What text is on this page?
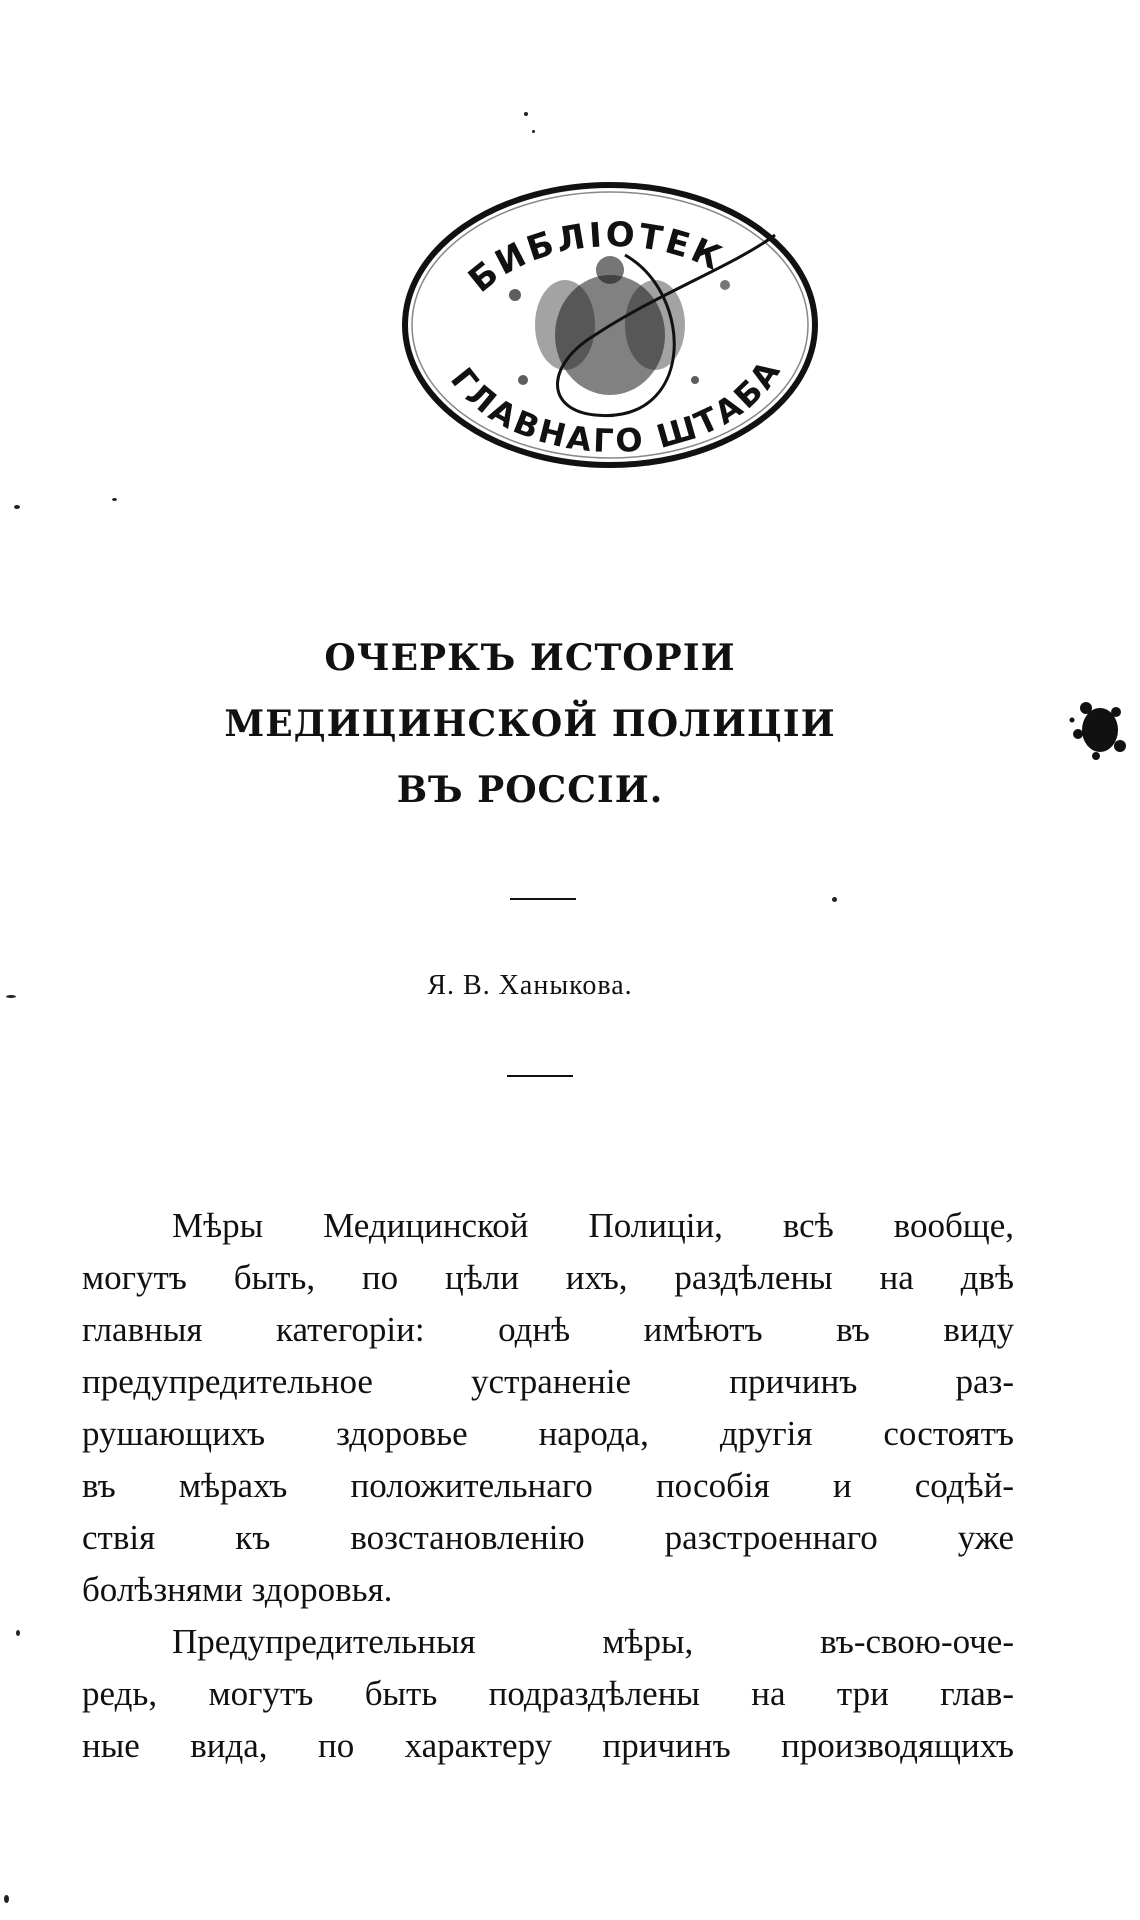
БИБЛIОТЕК
ГЛАВНАГО ШТАБА
ОЧЕРКЪ ИСТОРIИ
МЕДИЦИНСКОЙ ПОЛИЦIИ
ВЪ РОССIИ.
Я. В. Ханыкова.
Мѣры Медицинской Полицiи, всѣ вообще,
могутъ быть, по цѣли ихъ, раздѣлены на двѣ
главныя категорiи: однѣ имѣютъ въ виду
предупредительное устраненiе причинъ раз-
рушающихъ здоровье народа, другiя состоятъ
въ мѣрахъ положительнаго пособiя и содѣй-
ствiя къ возстановленiю разстроеннаго уже
болѣзнями здоровья.
Предупредительныя мѣры, въ-свою-оче-
редь, могутъ быть подраздѣлены на три глав-
ные вида, по характеру причинъ производящихъ
